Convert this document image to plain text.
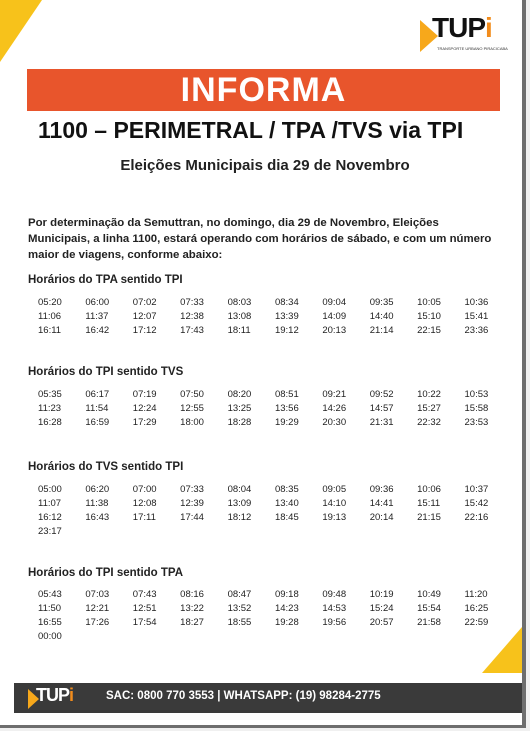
TUPi
TRANSPORTE URBANO PIRACICABA
INFORMA
1100 – PERIMETRAL / TPA /TVS via TPI
Eleições Municipais dia 29 de Novembro
Por determinação da Semuttran, no domingo, dia 29 de Novembro, Eleições Municipais, a linha 1100, estará operando com horários de sábado, e com um número maior de viagens, conforme abaixo:
Horários do TPA sentido TPI
05:20	06:00	07:02	07:33	08:03	08:34	09:04	09:35	10:05	10:36
11:06	11:37	12:07	12:38	13:08	13:39	14:09	14:40	15:10	15:41
16:11	16:42	17:12	17:43	18:11	19:12	20:13	21:14	22:15	23:36
Horários do TPI sentido TVS
05:35	06:17	07:19	07:50	08:20	08:51	09:21	09:52	10:22	10:53
11:23	11:54	12:24	12:55	13:25	13:56	14:26	14:57	15:27	15:58
16:28	16:59	17:29	18:00	18:28	19:29	20:30	21:31	22:32	23:53
Horários do TVS sentido TPI
05:00	06:20	07:00	07:33	08:04	08:35	09:05	09:36	10:06	10:37
11:07	11:38	12:08	12:39	13:09	13:40	14:10	14:41	15:11	15:42
16:12	16:43	17:11	17:44	18:12	18:45	19:13	20:14	21:15	22:16
23:17
Horários do TPI sentido TPA
05:43	07:03	07:43	08:16	08:47	09:18	09:48	10:19	10:49	11:20
11:50	12:21	12:51	13:22	13:52	14:23	14:53	15:24	15:54	16:25
16:55	17:26	17:54	18:27	18:55	19:28	19:56	20:57	21:58	22:59
00:00
TUPi	SAC: 0800 770 3553 | WHATSAPP: (19) 98284-2775
